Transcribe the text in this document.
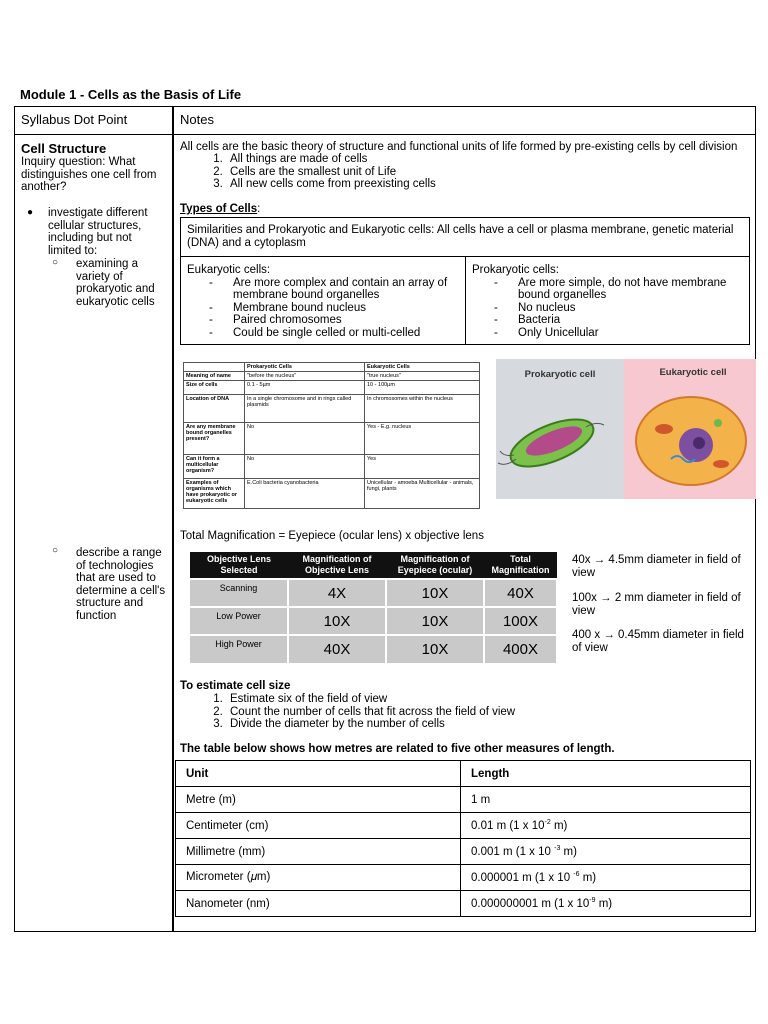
Module 1 - Cells as the Basis of Life
Syllabus Dot Point	Notes
Cell Structure
Inquiry question: What distinguishes one cell from another?
● investigate different cellular structures, including but not limited to:
○ examining a variety of prokaryotic and eukaryotic cells
○ describe a range of technologies that are used to determine a cell's structure and function
All cells are the basic theory of structure and functional units of life formed by pre-existing cells by cell division
1. All things are made of cells
2. Cells are the smallest unit of Life
3. All new cells come from preexisting cells
Types of Cells:
Similarities and Prokaryotic and Eukaryotic cells: All cells have a cell or plasma membrane, genetic material (DNA) and a cytoplasm
Eukaryotic cells:
- Are more complex and contain an array of membrane bound organelles
- Membrane bound nucleus
- Paired chromosomes
- Could be single celled or multi-celled
Prokaryotic cells:
- Are more simple, do not have membrane bound organelles
- No nucleus
- Bacteria
- Only Unicellular
	Prokaryotic Cells	Eukaryotic Cells
Meaning of name	"before the nucleus"	"true nucleus"
Size of cells	0.1 - 5µm	10 - 100µm
Location of DNA	In a single chromosome and in rings called plasmids	In chromosomes within the nucleus
Are any membrane bound organelles present?	No	Yes - E.g. nucleus
Can it form a multicellular organism?	No	Yes
Examples of organisms which have prokaryotic or eukaryotic cells	E.Coli bacteria cyanobacteria	Unicellular - amoeba Multicellular - animals, fungi, plants
Prokaryotic cell	Eukaryotic cell
Total Magnification = Eyepiece (ocular lens) x objective lens
Objective Lens Selected	Magnification of Objective Lens	Magnification of Eyepiece (ocular)	Total Magnification
Scanning	4X	10X	40X
Low Power	10X	10X	100X
High Power	40X	10X	400X
40x → 4.5mm diameter in field of view
100x → 2 mm diameter in field of view
400 x → 0.45mm diameter in field of view
To estimate cell size
1. Estimate six of the field of view
2. Count the number of cells that fit across the field of view
3. Divide the diameter by the number of cells
The table below shows how metres are related to five other measures of length.
Unit	Length
Metre (m)	1 m
Centimeter (cm)	0.01 m (1 x $10^{-2}$ m)
Millimetre (mm)	0.001 m (1 x 10 $^{-3}$ m)
Micrometer (𝜇m)	0.000001 m (1 x 10 $^{-6}$ m)
Nanometer (nm)	0.000000001 m (1 x $10^{-9}$ m)
